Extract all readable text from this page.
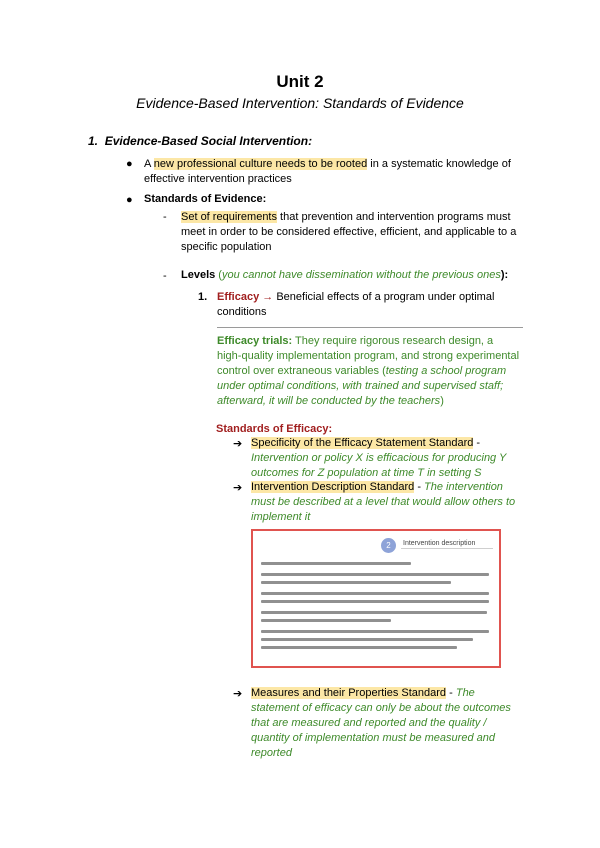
Unit 2
Evidence-Based Intervention: Standards of Evidence
1. Evidence-Based Social Intervention:
● A new professional culture needs to be rooted in a systematic knowledge of
effective intervention practices
● Standards of Evidence:
- Set of requirements that prevention and intervention programs must
meet in order to be considered effective, efficient, and applicable to a
specific population
- Levels (you cannot have dissemination without the previous ones):
1. Efficacy → Beneficial effects of a program under optimal
conditions
Efficacy trials: They require rigorous research design, a
high-quality implementation program, and strong experimental
control over extraneous variables (testing a school program
under optimal conditions, with trained and supervised staff;
afterward, it will be conducted by the teachers)
Standards of Efficacy:
➔ Specificity of the Efficacy Statement Standard -
Intervention or policy X is efficacious for producing Y
outcomes for Z population at time T in setting S
➔ Intervention Description Standard - The intervention
must be described at a level that would allow others to
implement it
2	Intervention description
➔ Measures and their Properties Standard - The
statement of efficacy can only be about the outcomes
that are measured and reported and the quality /
quantity of implementation must be measured and
reported
